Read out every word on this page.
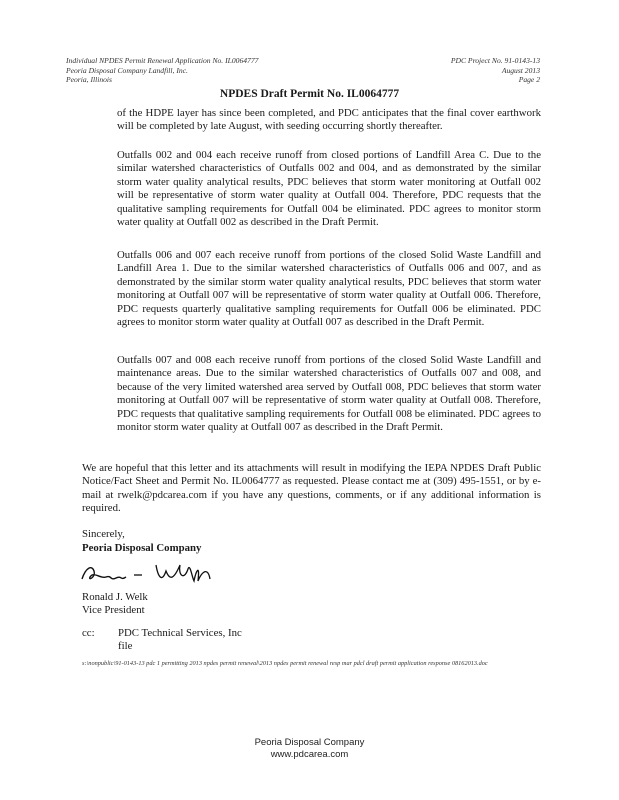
Individual NPDES Permit Renewal Application No. IL0064777
Peoria Disposal Company Landfill, Inc.
Peoria, Illinois
PDC Project No. 91-0143-13
August 2013
Page 2
NPDES Draft Permit No. IL0064777
of the HDPE layer has since been completed, and PDC anticipates that the final cover earthwork will be completed by late August, with seeding occurring shortly thereafter.
Outfalls 002 and 004 each receive runoff from closed portions of Landfill Area C. Due to the similar watershed characteristics of Outfalls 002 and 004, and as demonstrated by the similar storm water quality analytical results, PDC believes that storm water monitoring at Outfall 002 will be representative of storm water quality at Outfall 004. Therefore, PDC requests that the qualitative sampling requirements for Outfall 004 be eliminated. PDC agrees to monitor storm water quality at Outfall 002 as described in the Draft Permit.
Outfalls 006 and 007 each receive runoff from portions of the closed Solid Waste Landfill and Landfill Area 1. Due to the similar watershed characteristics of Outfalls 006 and 007, and as demonstrated by the similar storm water quality analytical results, PDC believes that storm water monitoring at Outfall 007 will be representative of storm water quality at Outfall 006. Therefore, PDC requests quarterly qualitative sampling requirements for Outfall 006 be eliminated. PDC agrees to monitor storm water quality at Outfall 007 as described in the Draft Permit.
Outfalls 007 and 008 each receive runoff from portions of the closed Solid Waste Landfill and maintenance areas. Due to the similar watershed characteristics of Outfalls 007 and 008, and because of the very limited watershed area served by Outfall 008, PDC believes that storm water monitoring at Outfall 007 will be representative of storm water quality at Outfall 008. Therefore, PDC requests that qualitative sampling requirements for Outfall 008 be eliminated. PDC agrees to monitor storm water quality at Outfall 007 as described in the Draft Permit.
We are hopeful that this letter and its attachments will result in modifying the IEPA NPDES Draft Public Notice/Fact Sheet and Permit No. IL0064777 as requested. Please contact me at (309) 495-1551, or by e-mail at rwelk@pdcarea.com if you have any questions, comments, or if any additional information is required.
Sincerely,
Peoria Disposal Company
Ronald J. Welk
Vice President
cc: PDC Technical Services, Inc
file
s:\nonpublic\91-0143-13 pdc 1 permitting 2013 npdes permit renewal\2013 npdes permit renewal resp mar pdcl draft permit application response 08162013.doc
Peoria Disposal Company
www.pdcarea.com
